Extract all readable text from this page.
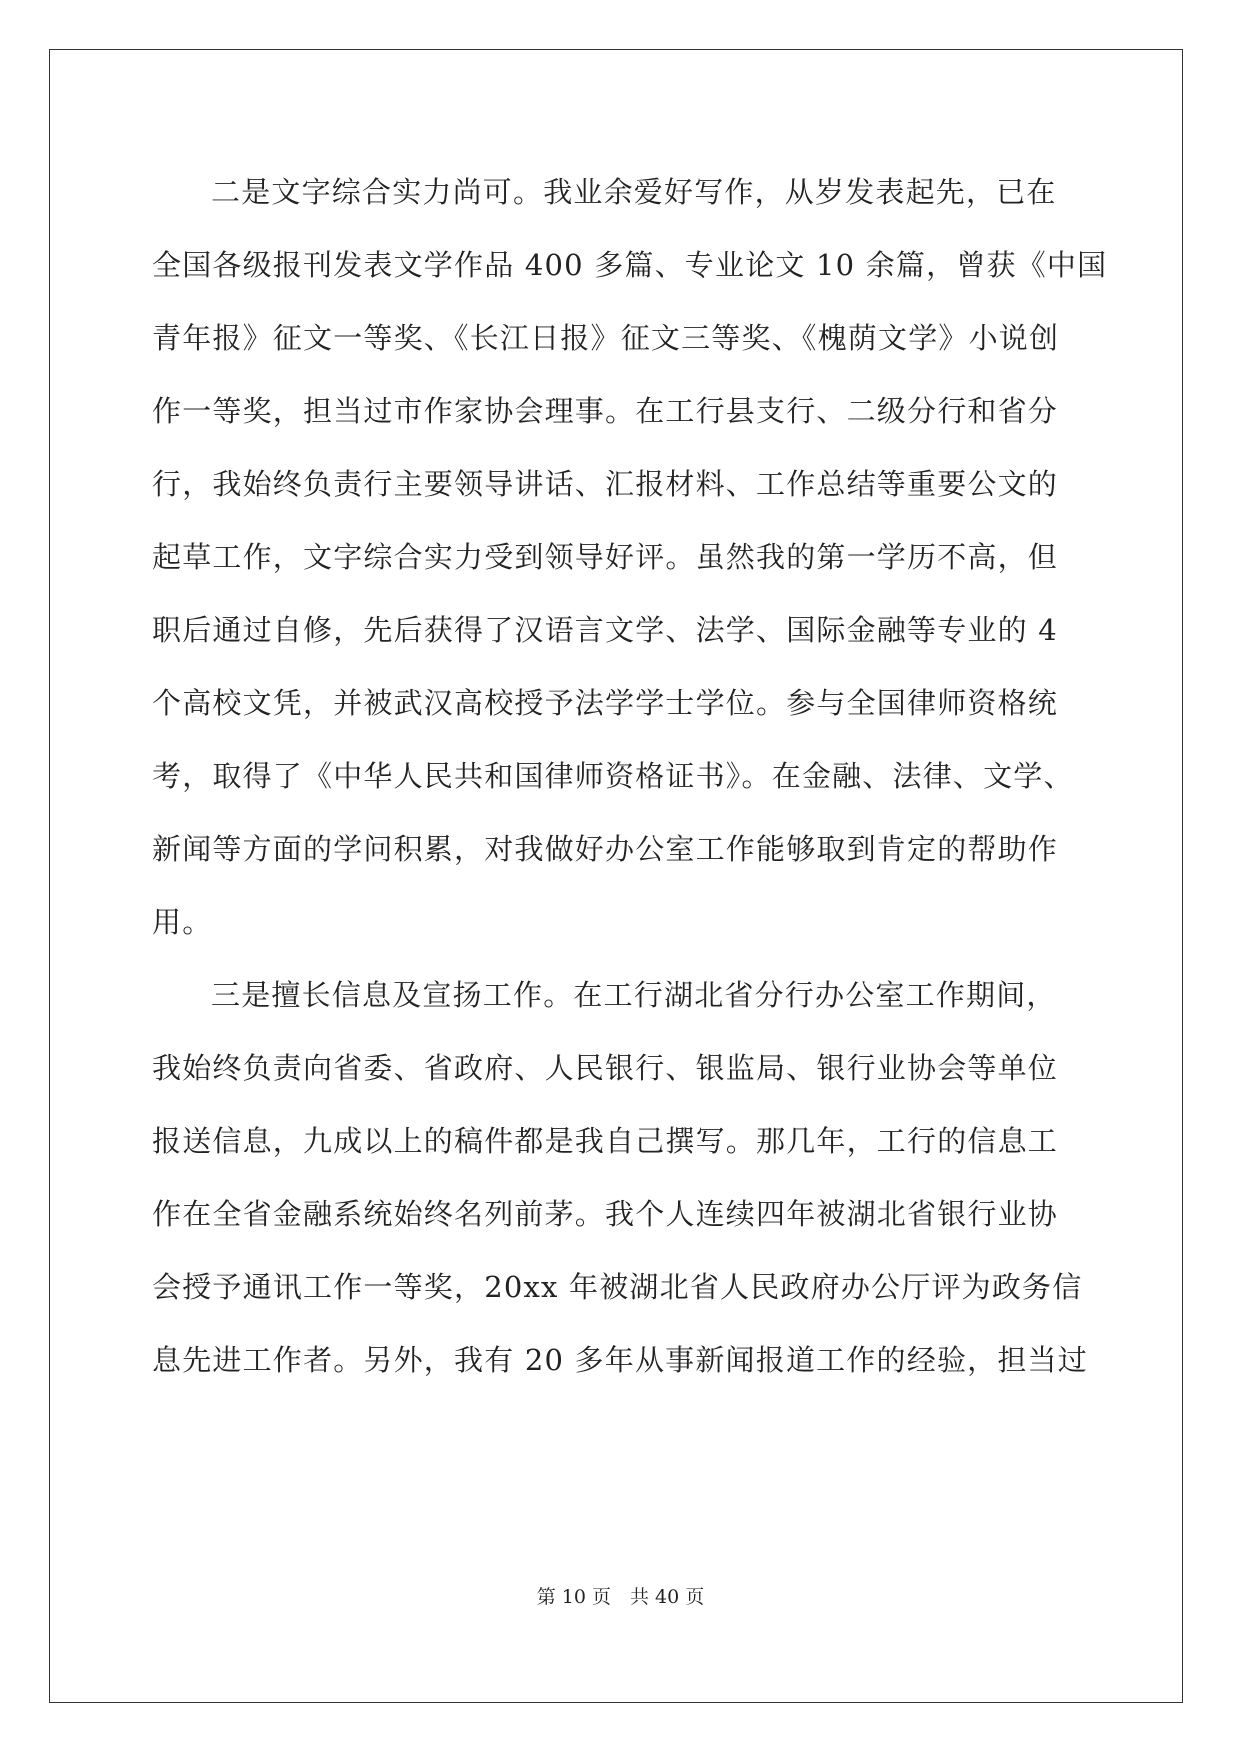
二是文字综合实力尚可。我业余爱好写作，从岁发表起先，已在
全国各级报刊发表文学作品 400 多篇、专业论文 10 余篇，曾获《中国
青年报》征文一等奖、《长江日报》征文三等奖、《槐荫文学》小说创
作一等奖，担当过市作家协会理事。在工行县支行、二级分行和省分
行，我始终负责行主要领导讲话、汇报材料、工作总结等重要公文的
起草工作，文字综合实力受到领导好评。虽然我的第一学历不高，但
职后通过自修，先后获得了汉语言文学、法学、国际金融等专业的 4
个高校文凭，并被武汉高校授予法学学士学位。参与全国律师资格统
考，取得了《中华人民共和国律师资格证书》。在金融、法律、文学、
新闻等方面的学问积累，对我做好办公室工作能够取到肯定的帮助作
用。
三是擅长信息及宣扬工作。在工行湖北省分行办公室工作期间，
我始终负责向省委、省政府、人民银行、银监局、银行业协会等单位
报送信息，九成以上的稿件都是我自己撰写。那几年，工行的信息工
作在全省金融系统始终名列前茅。我个人连续四年被湖北省银行业协
会授予通讯工作一等奖，20xx 年被湖北省人民政府办公厅评为政务信
息先进工作者。另外，我有 20 多年从事新闻报道工作的经验，担当过
第 10 页　共 40 页
